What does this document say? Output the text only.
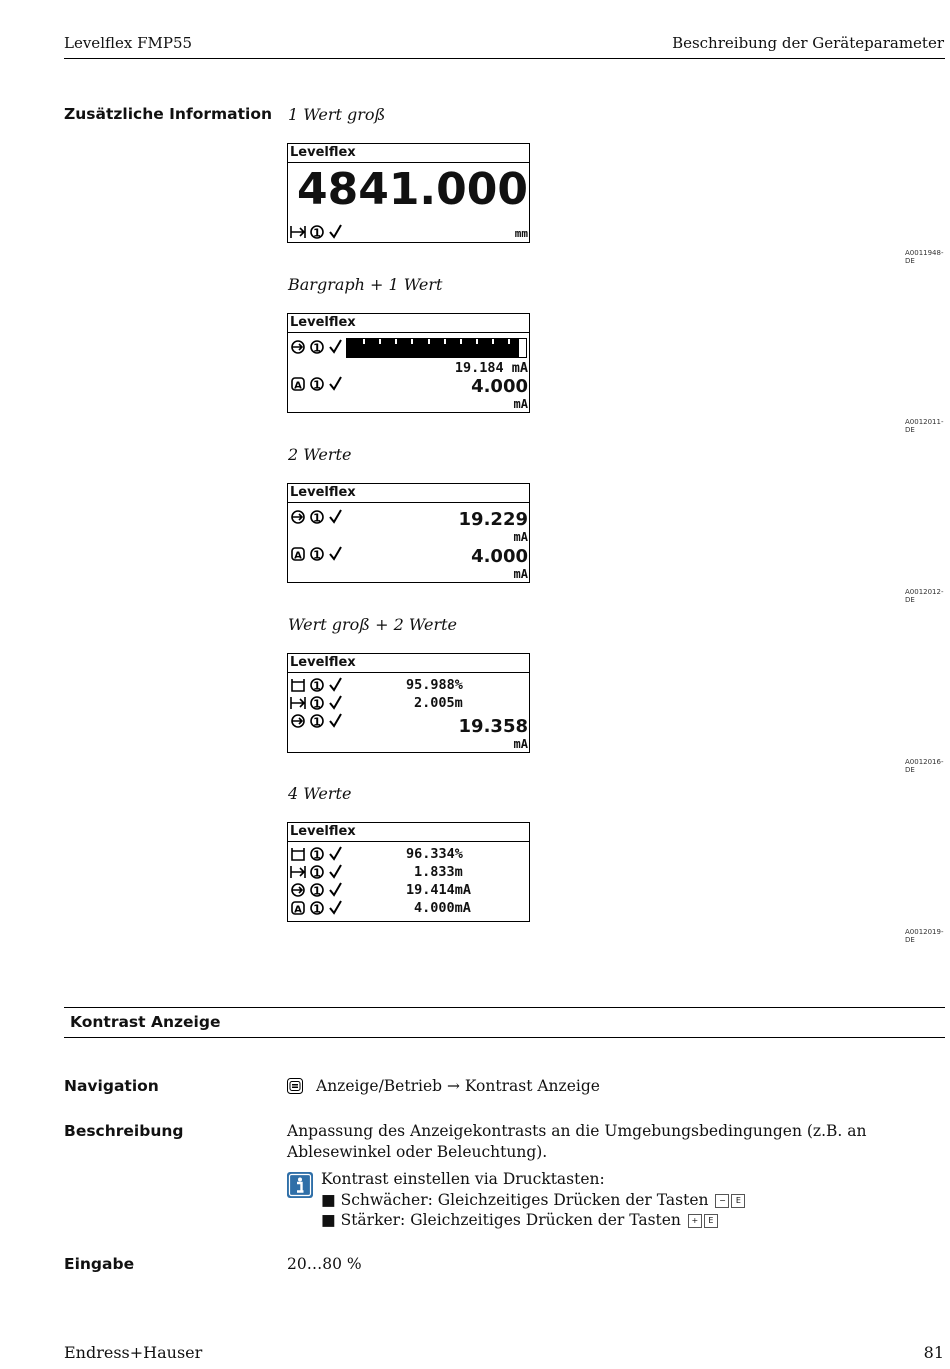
Levelflex FMP55	Beschreibung der Geräteparameter
Zusätzliche Information 1 Wert groß
Levelflex
4841.000
mm
A0011948-DE
Bargraph + 1 Wert
Levelflex
19.184 mA
4.000
mA
A0012011-DE
2 Werte
Levelflex
19.229
mA
4.000
mA
A0012012-DE
Wert groß + 2 Werte
Levelflex
95.988%
2.005m
19.358
mA
A0012016-DE
4 Werte
Levelflex
96.334%
1.833m
19.414mA
4.000mA
A0012019-DE
Kontrast Anzeige
Navigation	Anzeige/Betrieb → Kontrast Anzeige
Beschreibung	Anpassung des Anzeigekontrasts an die Umgebungsbedingungen (z.B. an Ablesewinkel oder Beleuchtung).
Kontrast einstellen via Drucktasten:
■ Schwächer: Gleichzeitiges Drücken der Tasten − E
■ Stärker: Gleichzeitiges Drücken der Tasten + E
Eingabe	20…80 %
Endress+Hauser	81
